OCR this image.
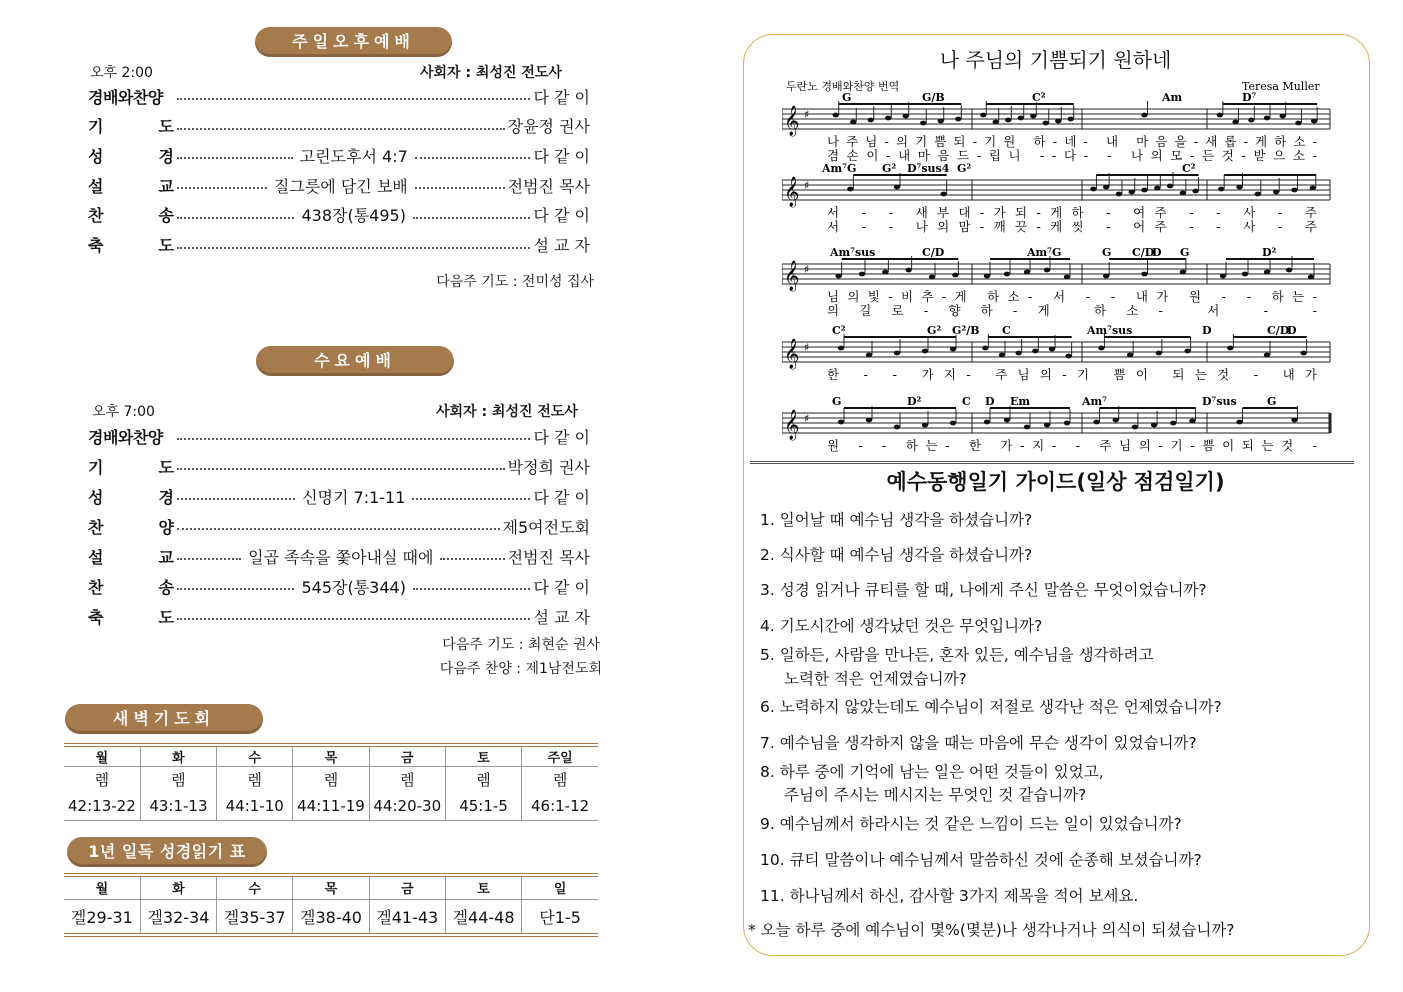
주일오후예배
오후 2:00	사회자 : 최성진 전도사
경배와찬양	다 같 이
기	도	장윤정 권사
성	경	고린도후서 4:7	다 같 이
설	교	질그릇에 담긴 보배	전범진 목사
찬	송	438장(통495)	다 같 이
축	도	설 교 자
다음주 기도 : 전미성 집사
수요예배
오후 7:00	사회자 : 최성진 전도사
경배와찬양	다 같 이
기	도	박정희 권사
성	경	신명기 7:1-11	다 같 이
찬	양	제5여전도회
설	교	일곱 족속을 쫓아내실 때에	전범진 목사
찬	송	545장(통344)	다 같 이
축	도	설 교 자
다음주 기도 : 최현순 권사
다음주 찬양 : 제1남전도회
새벽기도회
월	화	수	목	금	토	주일
렘	렘	렘	렘	렘	렘	렘
42:13-22	43:1-13	44:1-10	44:11-19	44:20-30	45:1-5	46:1-12
1년 일독 성경읽기 표
월	화	수	목	금	토	일
겔29-31	겔32-34	겔35-37	겔38-40	겔41-43	겔44-48	단1-5
나 주님의 기쁨되기 원하네
두란노 경배와찬양 번역	Teresa Muller
𝄞 ♯
G	G/B	C²	Am	D⁷
나주님-의기쁨되-기원 하-네- 내 마음을-새롭-게하소-
겸손이-내마음드-립니 --다- - 나의모-든것-받으소-
𝄞 ♯
Am⁷G G² D⁷sus4 G²	C²
서 - - 새부대-가되-게하 - 여주 - - 사 - 주
서 - - 나의맘-깨끗-케씻 - 어주 - - 사 - 주
𝄞 ♯
Am⁷sus	C/D	Am⁷G	G C/D
D G	D²
님의빛-비추-게 하소- 서 - - 내가 원 - - 하는-
의길로-향하-게 하소- 서 - -
𝄞 ♯
C²	G² G²/B C	Am⁷sus	D	C/D
D
한 - - 가지- 주님의-기 쁨이 되는것 - 내가
𝄞 ♯
G	D²	C D Em	Am⁷	D⁷sus	G
원 - - 하는- 한 가-지- - 주님의-기-쁨이되는것 -
예수동행일기 가이드(일상 점검일기)
1. 일어날 때 예수님 생각을 하셨습니까?
2. 식사할 때 예수님 생각을 하셨습니까?
3. 성경 읽거나 큐티를 할 때, 나에게 주신 말씀은 무엇이었습니까?
4. 기도시간에 생각났던 것은 무엇입니까?
5. 일하든, 사람을 만나든, 혼자 있든, 예수님을 생각하려고
노력한 적은 언제였습니까?
6. 노력하지 않았는데도 예수님이 저절로 생각난 적은 언제였습니까?
7. 예수님을 생각하지 않을 때는 마음에 무슨 생각이 있었습니까?
8. 하루 중에 기억에 남는 일은 어떤 것들이 있었고,
주님이 주시는 메시지는 무엇인 것 같습니까?
9. 예수님께서 하라시는 것 같은 느낌이 드는 일이 있었습니까?
10. 큐티 말씀이나 예수님께서 말씀하신 것에 순종해 보셨습니까?
11. 하나님께서 하신, 감사할 3가지 제목을 적어 보세요.
* 오늘 하루 중에 예수님이 몇%(몇분)나 생각나거나 의식이 되셨습니까?
